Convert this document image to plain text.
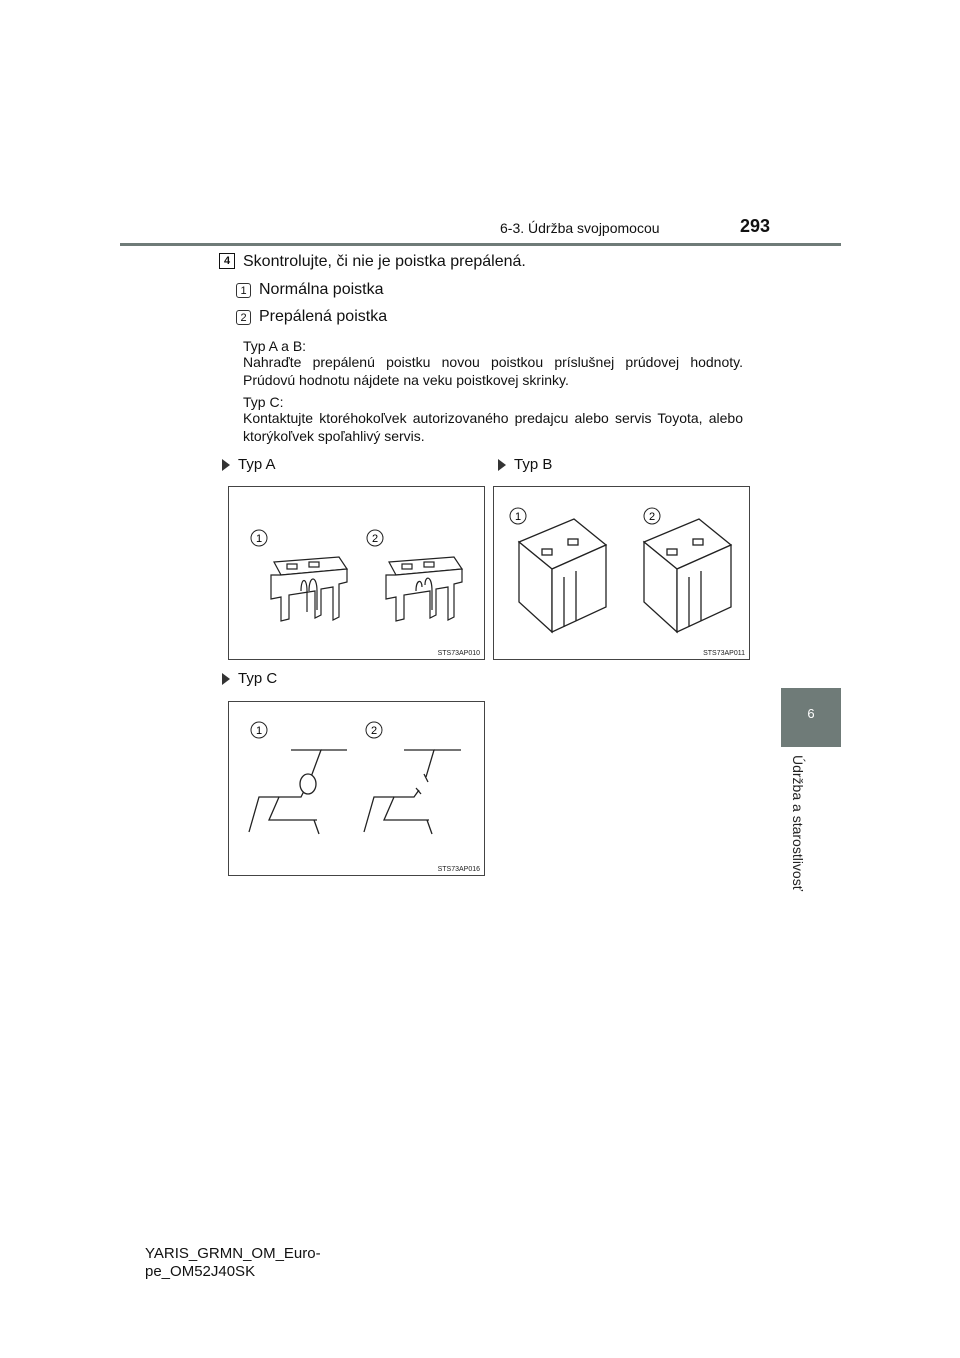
6-3. Údržba svojpomocou	293
6
Údržba a starostlivosť
4 Skontrolujte, či nie je poistka prepálená.
1 Normálna poistka
2 Prepálená poistka
Typ A a B:
Nahraďte prepálenú poistku novou poistkou príslušnej prúdovej hodnoty. Prúdovú hodnotu nájdete na veku poistkovej skrinky.
Typ C:
Kontaktujte ktoréhokoľvek autorizovaného predajcu alebo servis Toyota, alebo ktorýkoľvek spoľahlivý servis.
Typ A	Typ B
Typ C
1	2
STS73AP010
1	2
STS73AP011
1	2
STS73AP016
YARIS_GRMN_OM_Euro-
pe_OM52J40SK
